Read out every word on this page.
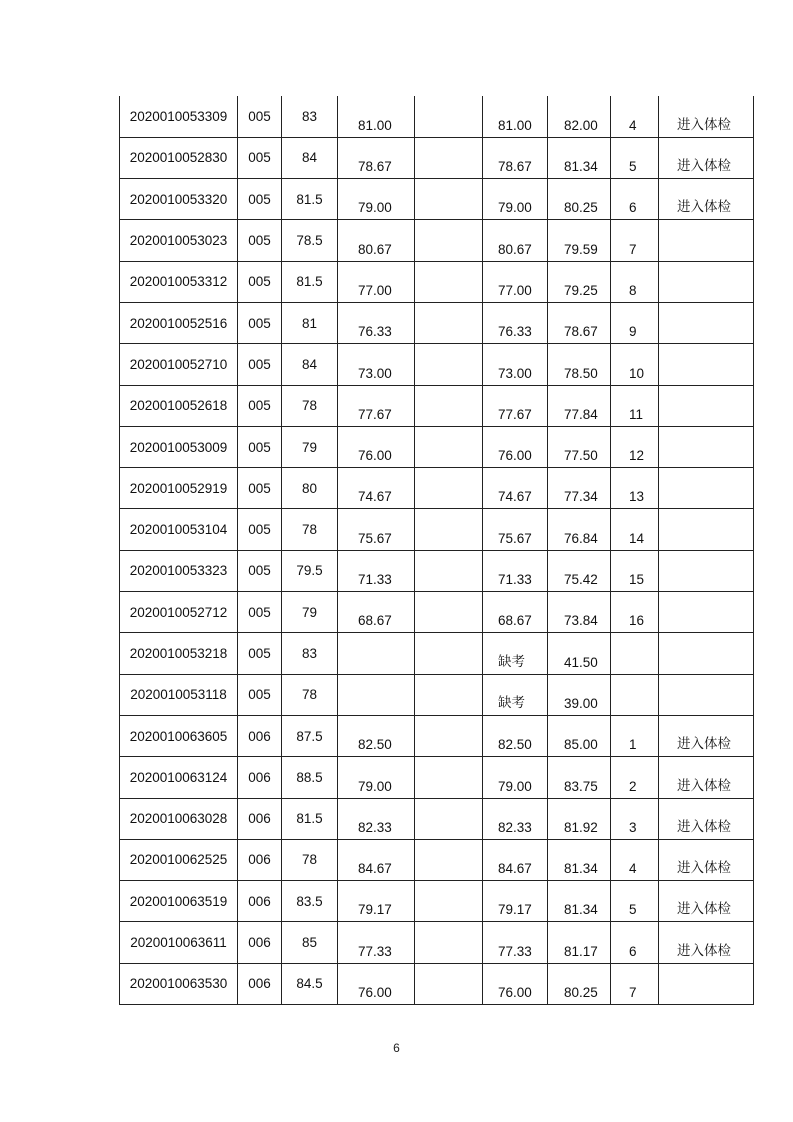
2020010053309	005	83	81.00		81.00	82.00	4	进入体检
2020010052830	005	84	78.67		78.67	81.34	5	进入体检
2020010053320	005	81.5	79.00		79.00	80.25	6	进入体检
2020010053023	005	78.5	80.67		80.67	79.59	7	
2020010053312	005	81.5	77.00		77.00	79.25	8	
2020010052516	005	81	76.33		76.33	78.67	9	
2020010052710	005	84	73.00		73.00	78.50	10	
2020010052618	005	78	77.67		77.67	77.84	11	
2020010053009	005	79	76.00		76.00	77.50	12	
2020010052919	005	80	74.67		74.67	77.34	13	
2020010053104	005	78	75.67		75.67	76.84	14	
2020010053323	005	79.5	71.33		71.33	75.42	15	
2020010052712	005	79	68.67		68.67	73.84	16	
2020010053218	005	83			缺考	41.50		
2020010053118	005	78			缺考	39.00		
2020010063605	006	87.5	82.50		82.50	85.00	1	进入体检
2020010063124	006	88.5	79.00		79.00	83.75	2	进入体检
2020010063028	006	81.5	82.33		82.33	81.92	3	进入体检
2020010062525	006	78	84.67		84.67	81.34	4	进入体检
2020010063519	006	83.5	79.17		79.17	81.34	5	进入体检
2020010063611	006	85	77.33		77.33	81.17	6	进入体检
2020010063530	006	84.5	76.00		76.00	80.25	7	
6
